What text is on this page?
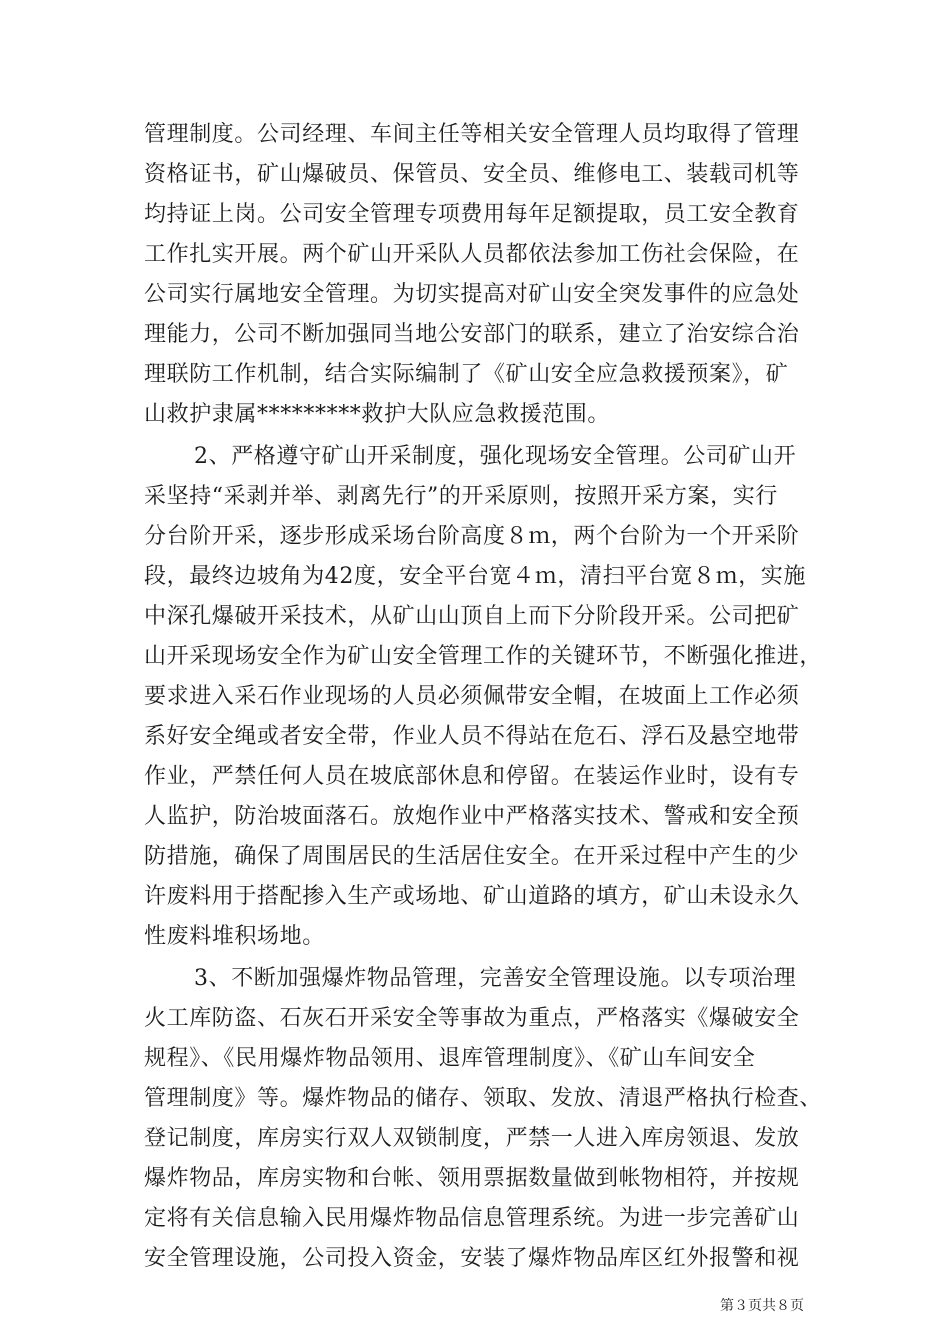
管理制度。公司经理、车间主任等相关安全管理人员均取得了管理
资格证书，矿山爆破员、保管员、安全员、维修电工、装载司机等
均持证上岗。公司安全管理专项费用每年足额提取，员工安全教育
工作扎实开展。两个矿山开采队人员都依法参加工伤社会保险，在
公司实行属地安全管理。为切实提高对矿山安全突发事件的应急处
理能力，公司不断加强同当地公安部门的联系，建立了治安综合治
理联防工作机制，结合实际编制了《矿山安全应急救援预案》，矿
山救护隶属*********救护大队应急救援范围。
2、严格遵守矿山开采制度，强化现场安全管理。公司矿山开
采坚持“采剥并举、剥离先行”的开采原则，按照开采方案，实行
分台阶开采，逐步形成采场台阶高度８ｍ，两个台阶为一个开采阶
段，最终边坡角为42度，安全平台宽４ｍ，清扫平台宽８ｍ，实施
中深孔爆破开采技术，从矿山山顶自上而下分阶段开采。公司把矿
山开采现场安全作为矿山安全管理工作的关键环节，不断强化推进，
要求进入采石作业现场的人员必须佩带安全帽，在坡面上工作必须
系好安全绳或者安全带，作业人员不得站在危石、浮石及悬空地带
作业，严禁任何人员在坡底部休息和停留。在装运作业时，设有专
人监护，防治坡面落石。放炮作业中严格落实技术、警戒和安全预
防措施，确保了周围居民的生活居住安全。在开采过程中产生的少
许废料用于搭配掺入生产或场地、矿山道路的填方，矿山未设永久
性废料堆积场地。
3、不断加强爆炸物品管理，完善安全管理设施。以专项治理
火工库防盗、石灰石开采安全等事故为重点，严格落实《爆破安全
规程》、《民用爆炸物品领用、退库管理制度》、《矿山车间安全
管理制度》等。爆炸物品的储存、领取、发放、清退严格执行检查、
登记制度，库房实行双人双锁制度，严禁一人进入库房领退、发放
爆炸物品，库房实物和台帐、领用票据数量做到帐物相符，并按规
定将有关信息输入民用爆炸物品信息管理系统。为进一步完善矿山
安全管理设施，公司投入资金，安装了爆炸物品库区红外报警和视
第３页共８页
